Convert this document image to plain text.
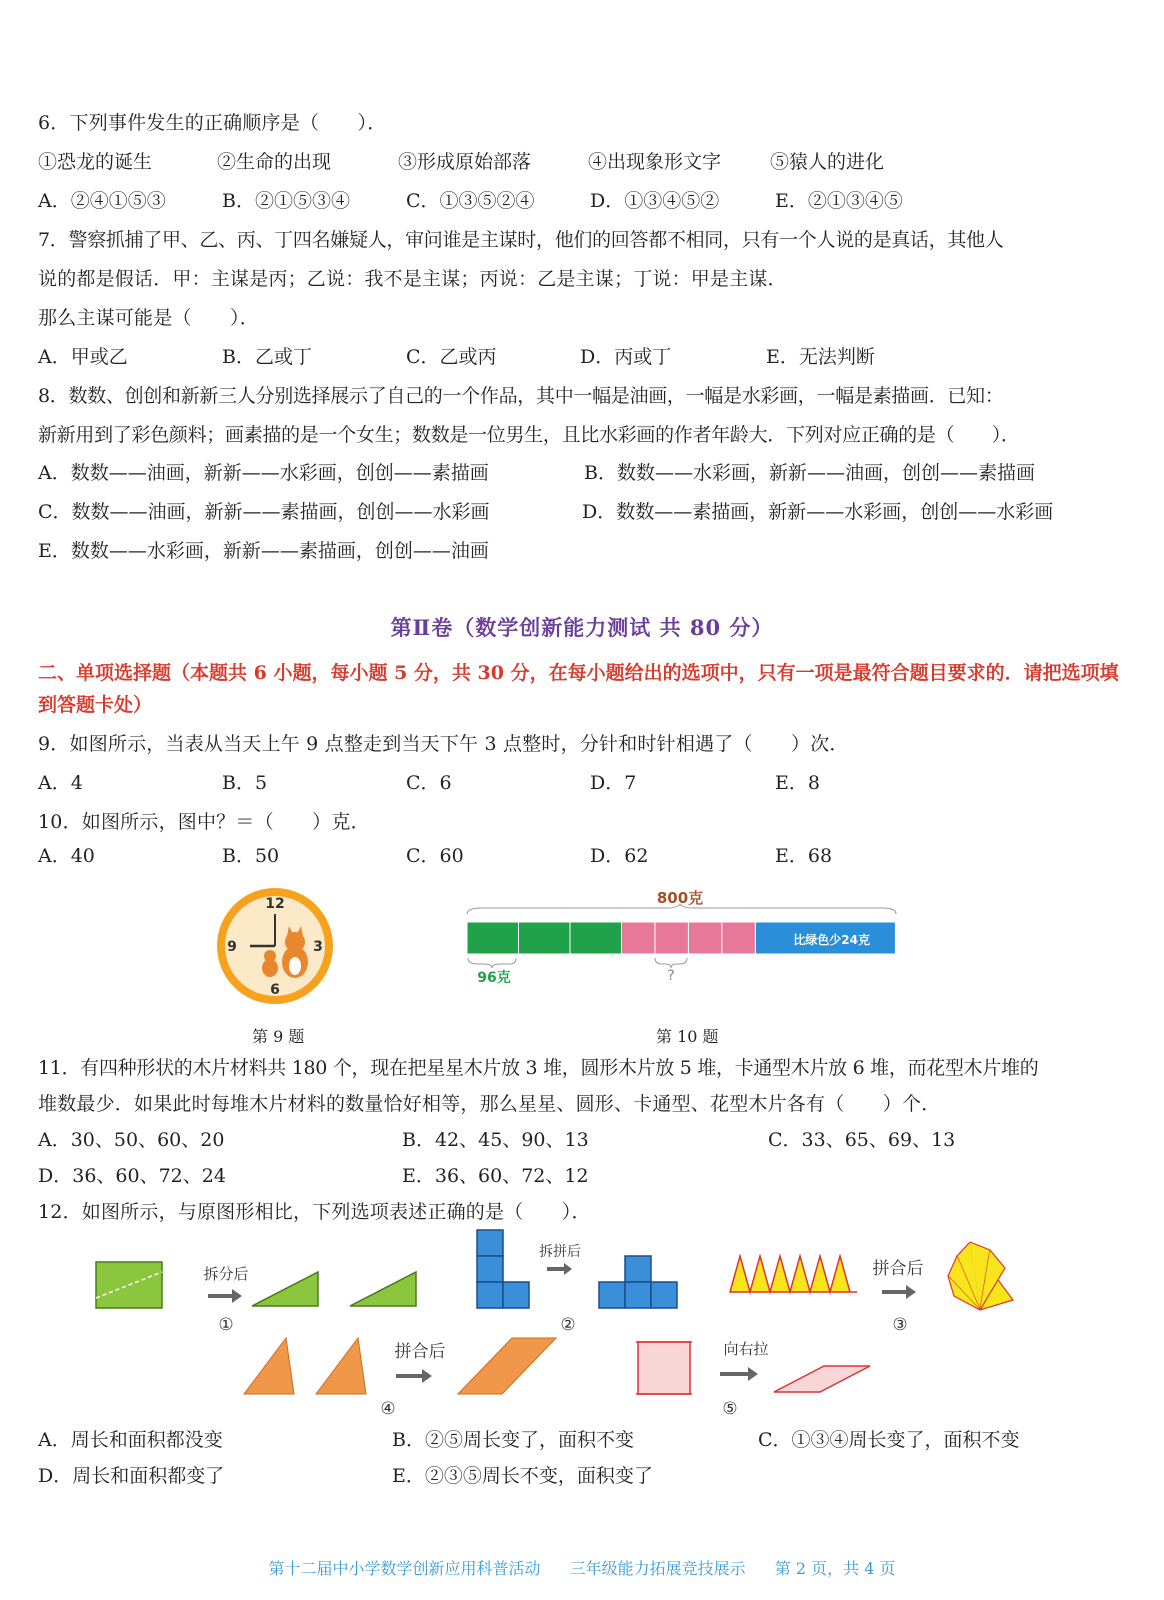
6．下列事件发生的正确顺序是（　　）．
①恐龙的诞生	②生命的出现	③形成原始部落	④出现象形文字	⑤猿人的进化
A．②④①⑤③	B．②①⑤③④	C．①③⑤②④	D．①③④⑤②	E．②①③④⑤
7．警察抓捕了甲、乙、丙、丁四名嫌疑人，审问谁是主谋时，他们的回答都不相同，只有一个人说的是真话，其他人
说的都是假话．甲：主谋是丙；乙说：我不是主谋；丙说：乙是主谋；丁说：甲是主谋．
那么主谋可能是（　　）．
A．甲或乙	B．乙或丁	C．乙或丙	D．丙或丁	E．无法判断
8．数数、创创和新新三人分别选择展示了自己的一个作品，其中一幅是油画，一幅是水彩画，一幅是素描画．已知：
新新用到了彩色颜料；画素描的是一个女生；数数是一位男生，且比水彩画的作者年龄大．下列对应正确的是（　　）．
A．数数——油画，新新——水彩画，创创——素描画	B．数数——水彩画，新新——油画，创创——素描画
C．数数——油画，新新——素描画，创创——水彩画	D．数数——素描画，新新——水彩画，创创——水彩画
E．数数——水彩画，新新——素描画，创创——油画
第Ⅱ卷（数学创新能力测试 共 80 分）
二、单项选择题（本题共 6 小题，每小题 5 分，共 30 分，在每小题给出的选项中，只有一项是最符合题目要求的．请把选项填到答题卡处）
9．如图所示，当表从当天上午 9 点整走到当天下午 3 点整时，分针和时针相遇了（　　）次．
A．4	B．5	C．6	D．7	E．8
10．如图所示，图中？＝（　　）克．
A．40	B．50	C．60	D．62	E．68
12
3
6
9
第 9 题
800克
比绿色少24克
96克	?
第 10 题
11．有四种形状的木片材料共 180 个，现在把星星木片放 3 堆，圆形木片放 5 堆，卡通型木片放 6 堆，而花型木片堆的
堆数最少．如果此时每堆木片材料的数量恰好相等，那么星星、圆形、卡通型、花型木片各有（　　）个．
A．30、50、60、20	B．42、45、90、13	C．33、65、69、13
D．36、60、72、24	E．36、60、72、12
12．如图所示，与原图形相比，下列选项表述正确的是（　　）．
拆分后
①
拆拼后
②
拼合后
③
拼合后
④
向右拉
⑤
A．周长和面积都没变	B．②⑤周长变了，面积不变	C．①③④周长变了，面积不变
D．周长和面积都变了	E．②③⑤周长不变，面积变了
第十二届中小学数学创新应用科普活动 三年级能力拓展竞技展示 第 2 页，共 4 页
